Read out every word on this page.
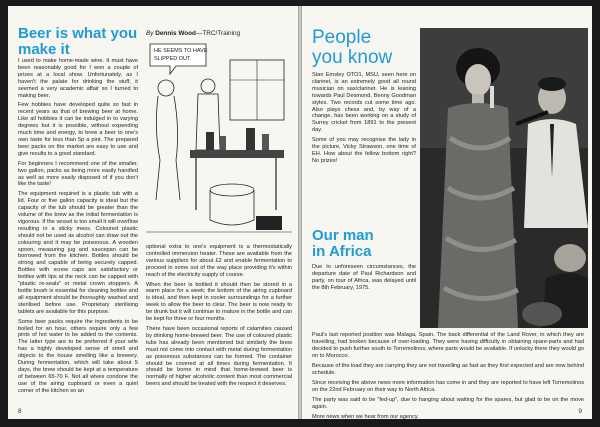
Beer is what you make it

I used to make home-made wine. It must have been reasonably good for I won a couple of prizes at a local show. Unfortunately, as I haven't the palate for drinking the stuff, it seemed a very academic affair so I turned to making beer.

Few hobbies have developed quite so fast in recent years as that of brewing beer at home. Like all hobbies it can be indulged in to varying degrees but it is possible, without expending much time and energy, to brew a beer to one's own taste for less than 5p a pint. The prepared beer packs on the market are easy to use and give results to a good standard.

For beginners I recommend one of the smaller, two gallon, packs as being more easily handled as well as more easily disposed of if you don't like the taste!

The equipment required is a plastic tub with a lid. Four or five gallon capacity is ideal but the capacity of the tub should be greater than the volume of the brew as the initial fermentation is vigorous. If the vessel is too small it will overflow resulting in a sticky mess. Coloured plastic should not be used as alcohol can draw out the colouring and it may be poisonous. A wooden spoon, measuring jug and saucepan can be borrowed from the kitchen. Bottles should be strong and capable of being securely capped. Bottles with screw caps are satisfactory or bottles with lips at the neck can be capped with "plastic re-seals" or metal crown stoppers. A bottle brush is essential for cleaning bottles and all equipment should be thoroughly washed and sterilised before use. Proprietary sterilising tablets are available for this purpose.

Some beer packs require the ingredients to be boiled for an hour, others require only a few pints of hot water to be added to the contents. The latter type are to be preferred if your wife has a highly developed sense of smell and objects to the house smelling like a brewery. During fermentation, which will take about 5 days, the brew should be kept at a temperature of between 65-70 F. Not all wives condone the use of the airing cupboard or even a quiet corner of the kitchen so an

By Dennis Wood—TRC/Training
HE SEEMS TO HAVE
SLIPPED OUT

optional extra to one's equipment is a thermostatically controlled immersion heater. These are available from the various suppliers for about £2 and enable fermentation to proceed in some out of the way place providing it's within reach of the electricity supply of course.

When the beer is bottled it should then be stored in a warm place for a week; the bottom of the airing cupboard is ideal, and then kept in cooler surroundings for a further week to allow the beer to clear. The beer is now ready to be drunk but it will continue to mature in the bottle and can be kept for three or four months.

There have been occasional reports of calamities caused by drinking home-brewed beer. The use of coloured plastic tubs has already been mentioned but similarly the brew must not come into contact with metal during fermentation as poisonous substances can be formed. The container should be covered at all times during fermentation. It should be borne in mind that home-brewed beer is normally of higher alcoholic content than most commercial beers and should be treated with the respect it deserves.

8
People
you know

Stan Emsley OTO1, MSU, seen here on clarinet, is an extremely good all round musician on sax/clarinet. He is leaning towards Paul Desmond, Benny Goodman styles. Two records cut some time ago. Also plays chess and, by way of a change, has been working on a study of Surrey cricket from 1891 to the present day.

Some of you may recognise the lady in the picture, Vicky Strawson, one time of EH. How about the fellow bottom right? No prizes!

Our man
in Africa

Due to unforeseen circumstances, the departure date of Paul Richardson and party, on tour of Africa, was delayed until the 8th February, 1975.

Paul's last reported position was Malaga, Spain. The back differential of the Land Rover, in which they are travelling, had broken because of over-loading. They were having difficulty in obtaining spare-parts and had decided to push further south to Torremolinos, where parts would be available. If unlucky there they would go on to Morocco.

Because of the load they are carrying they are not travelling as fast as they first expected and are now behind schedule.

Since receiving the above news more information has come in and they are reported to have left Torremolinos on the 22nd February on their way to North Africa.

The party was said to be "fed-up", due to hanging about waiting for the spares, but glad to be on the move again.

More news when we hear from our agency.

9
